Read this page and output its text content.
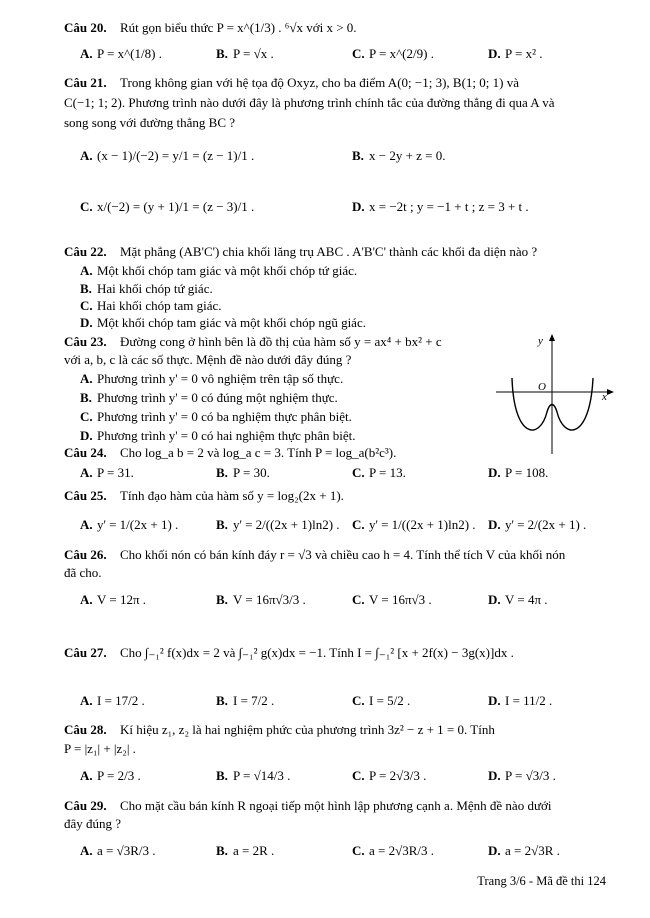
Câu 20. Rút gọn biểu thức P = x^(1/3) . ⁶√x với x > 0.
A. P = x^(1/8) .	B. P = √x .	C. P = x^(2/9) .	D. P = x² .
Câu 21. Trong không gian với hệ tọa độ Oxyz, cho ba điểm A(0; −1; 3), B(1; 0; 1) và
C(−1; 1; 2). Phương trình nào dưới đây là phương trình chính tắc của đường thẳng đi qua A và
song song với đường thẳng BC ?
A. (x − 1)/(−2) = y/1 = (z − 1)/1 .	B. x − 2y + z = 0.
C. x/(−2) = (y + 1)/1 = (z − 3)/1 .	D. x = −2t ; y = −1 + t ; z = 3 + t .
Câu 22. Mặt phẳng (AB'C') chia khối lăng trụ ABC . A'B'C' thành các khối đa diện nào ?
A. Một khối chóp tam giác và một khối chóp tứ giác.
B. Hai khối chóp tứ giác.
C. Hai khối chóp tam giác.
D. Một khối chóp tam giác và một khối chóp ngũ giác.
Câu 23. Đường cong ở hình bên là đồ thị của hàm số y = ax⁴ + bx² + c
với a, b, c là các số thực. Mệnh đề nào dưới đây đúng ?
A. Phương trình y' = 0 vô nghiệm trên tập số thực.
B. Phương trình y' = 0 có đúng một nghiệm thực.
C. Phương trình y' = 0 có ba nghiệm thực phân biệt.
D. Phương trình y' = 0 có hai nghiệm thực phân biệt.
y
x
O
Câu 24. Cho log_a b = 2 và log_a c = 3. Tính P = log_a(b²c³).
A. P = 31.	B. P = 30.	C. P = 13.	D. P = 108.
Câu 25. Tính đạo hàm của hàm số y = log₂(2x + 1).
A. y' = 1/(2x + 1) .	B. y' = 2/((2x + 1)ln2) . C. y' = 1/((2x + 1)ln2) . D. y' = 2/(2x + 1) .
Câu 26. Cho khối nón có bán kính đáy r = √3 và chiều cao h = 4. Tính thể tích V của khối nón
đã cho.
A. V = 12π .	B. V = 16π√3/3 .	C. V = 16π√3 .	D. V = 4π .
Câu 27. Cho ∫₋₁² f(x)dx = 2 và ∫₋₁² g(x)dx = −1. Tính I = ∫₋₁² [x + 2f(x) − 3g(x)]dx .
A. I = 17/2 .	B. I = 7/2 .	C. I = 5/2 .	D. I = 11/2 .
Câu 28. Kí hiệu z₁, z₂ là hai nghiệm phức của phương trình 3z² − z + 1 = 0. Tính
P = |z₁| + |z₂| .
A. P = 2/3 .	B. P = √14/3 .	C. P = 2√3/3 .	D. P = √3/3 .
Câu 29. Cho mặt cầu bán kính R ngoại tiếp một hình lập phương cạnh a. Mệnh đề nào dưới
đây đúng ?
A. a = √3R/3 .	B. a = 2R .	C. a = 2√3R/3 .	D. a = 2√3R .
Trang 3/6 - Mã đề thi 124
